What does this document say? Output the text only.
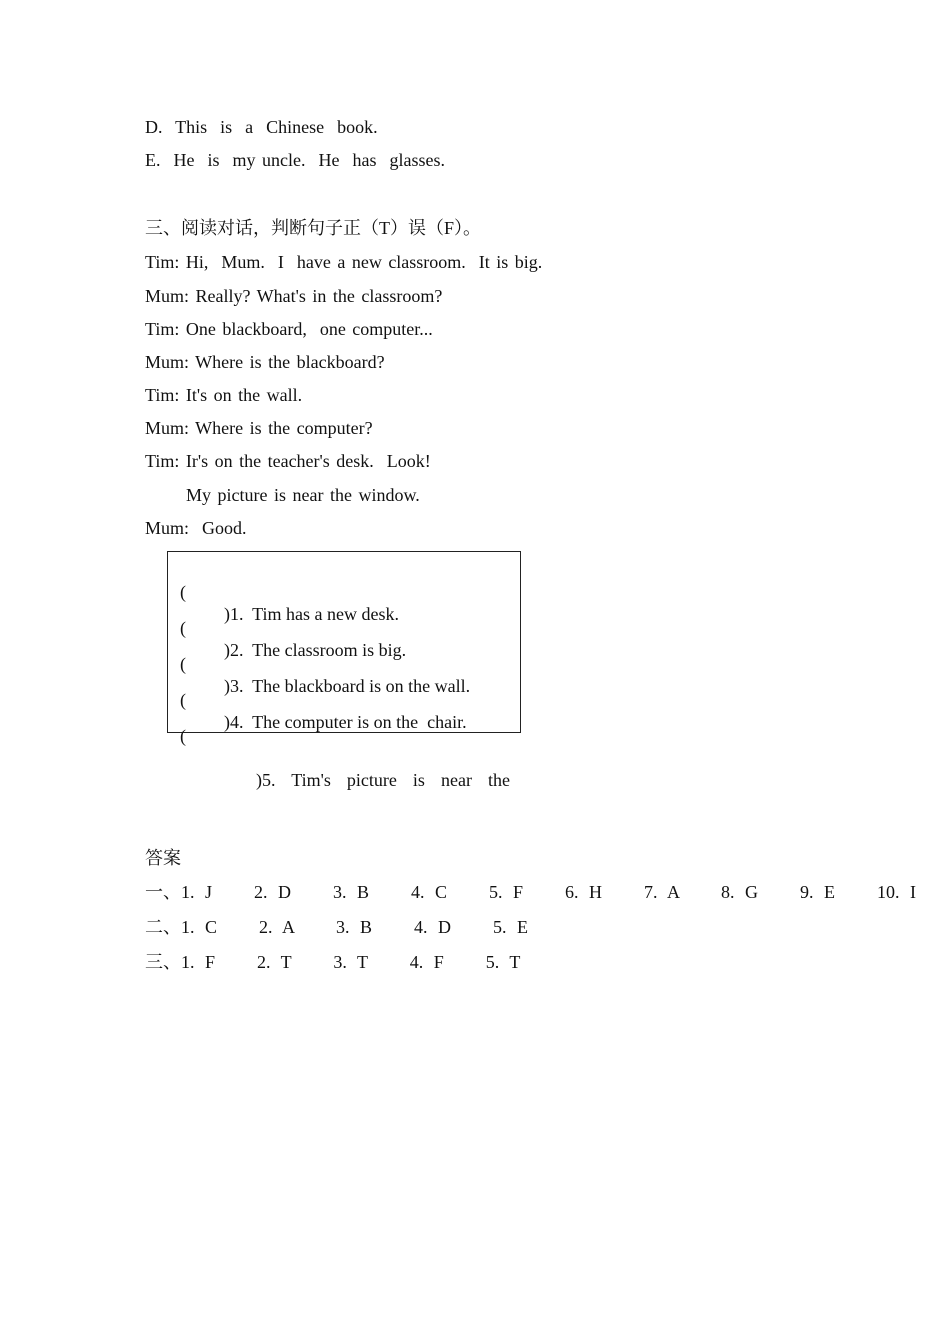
D.  This  is  a  Chinese  book.
E.  He  is  my uncle.  He  has  glasses.
三、阅读对话，判断句子正（T）误（F）。
Tim: Hi,  Mum.  I  have a new classroom.  It is big.
Mum: Really? What's in the classroom?
Tim: One blackboard,  one computer...
Mum: Where is the blackboard?
Tim: It's on the wall.
Mum: Where is the computer?
Tim: Ir's on the teacher's desk.  Look!
My picture is near the window.
Mum:  Good.

(

)1.  Tim has a new desk.

(

)2.  The classroom is big.

(

)3.  The blackboard is on the wall.

(

)4.  The computer is on the  chair.

(

)5.   Tim's   picture   is   near   the

答案
一、1. J    2. D    3. B    4. C    5. F    6. H    7. A    8. G    9. E    10. I
二、1. C    2. A    3. B    4. D    5. E
三、1. F    2. T    3. T    4. F    5. T
